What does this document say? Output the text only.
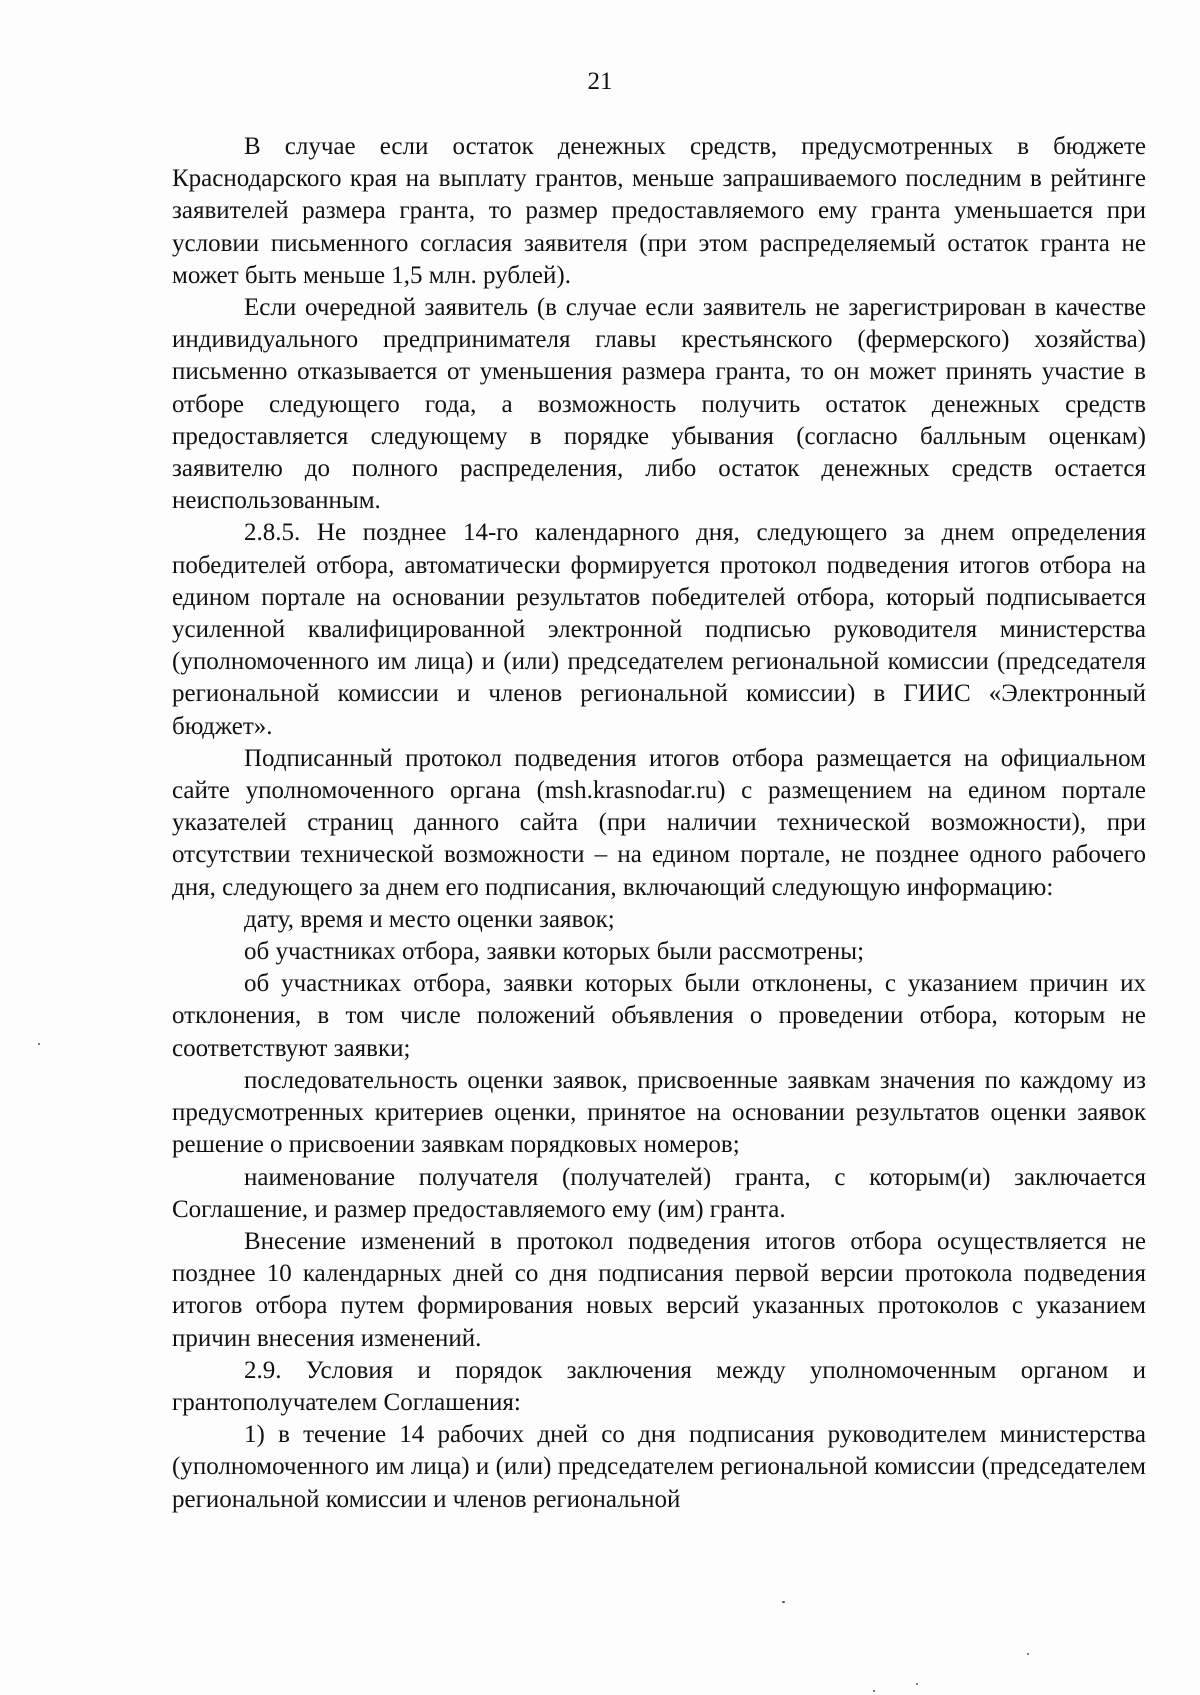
21

В случае если остаток денежных средств, предусмотренных в бюджете Краснодарского края на выплату грантов, меньше запрашиваемого последним в рейтинге заявителей размера гранта, то размер предоставляемого ему гранта уменьшается при условии письменного согласия заявителя (при этом распределяемый остаток гранта не может быть меньше 1,5 млн. рублей).

Если очередной заявитель (в случае если заявитель не зарегистрирован в качестве индивидуального предпринимателя главы крестьянского (фермерского) хозяйства) письменно отказывается от уменьшения размера гранта, то он может принять участие в отборе следующего года, а возможность получить остаток денежных средств предоставляется следующему в порядке убывания (согласно балльным оценкам) заявителю до полного распределения, либо остаток денежных средств остается неиспользованным.

2.8.5. Не позднее 14-го календарного дня, следующего за днем определения победителей отбора, автоматически формируется протокол подведения итогов отбора на едином портале на основании результатов победителей отбора, который подписывается усиленной квалифицированной электронной подписью руководителя министерства (уполномоченного им лица) и (или) председателем региональной комиссии (председателя региональной комиссии и членов региональной комиссии) в ГИИС «Электронный бюджет».

Подписанный протокол подведения итогов отбора размещается на официальном сайте уполномоченного органа (msh.krasnodar.ru) с размещением на едином портале указателей страниц данного сайта (при наличии технической возможности), при отсутствии технической возможности – на едином портале, не позднее одного рабочего дня, следующего за днем его подписания, включающий следующую информацию:

дату, время и место оценки заявок;

об участниках отбора, заявки которых были рассмотрены;

об участниках отбора, заявки которых были отклонены, с указанием причин их отклонения, в том числе положений объявления о проведении отбора, которым не соответствуют заявки;

последовательность оценки заявок, присвоенные заявкам значения по каждому из предусмотренных критериев оценки, принятое на основании результатов оценки заявок решение о присвоении заявкам порядковых номеров;

наименование получателя (получателей) гранта, с которым(и) заключается Соглашение, и размер предоставляемого ему (им) гранта.

Внесение изменений в протокол подведения итогов отбора осуществляется не позднее 10 календарных дней со дня подписания первой версии протокола подведения итогов отбора путем формирования новых версий указанных протоколов с указанием причин внесения изменений.

2.9. Условия и порядок заключения между уполномоченным органом и грантополучателем Соглашения:

1) в течение 14 рабочих дней со дня подписания руководителем министерства (уполномоченного им лица) и (или) председателем региональной комиссии (председателем региональной комиссии и членов региональной
